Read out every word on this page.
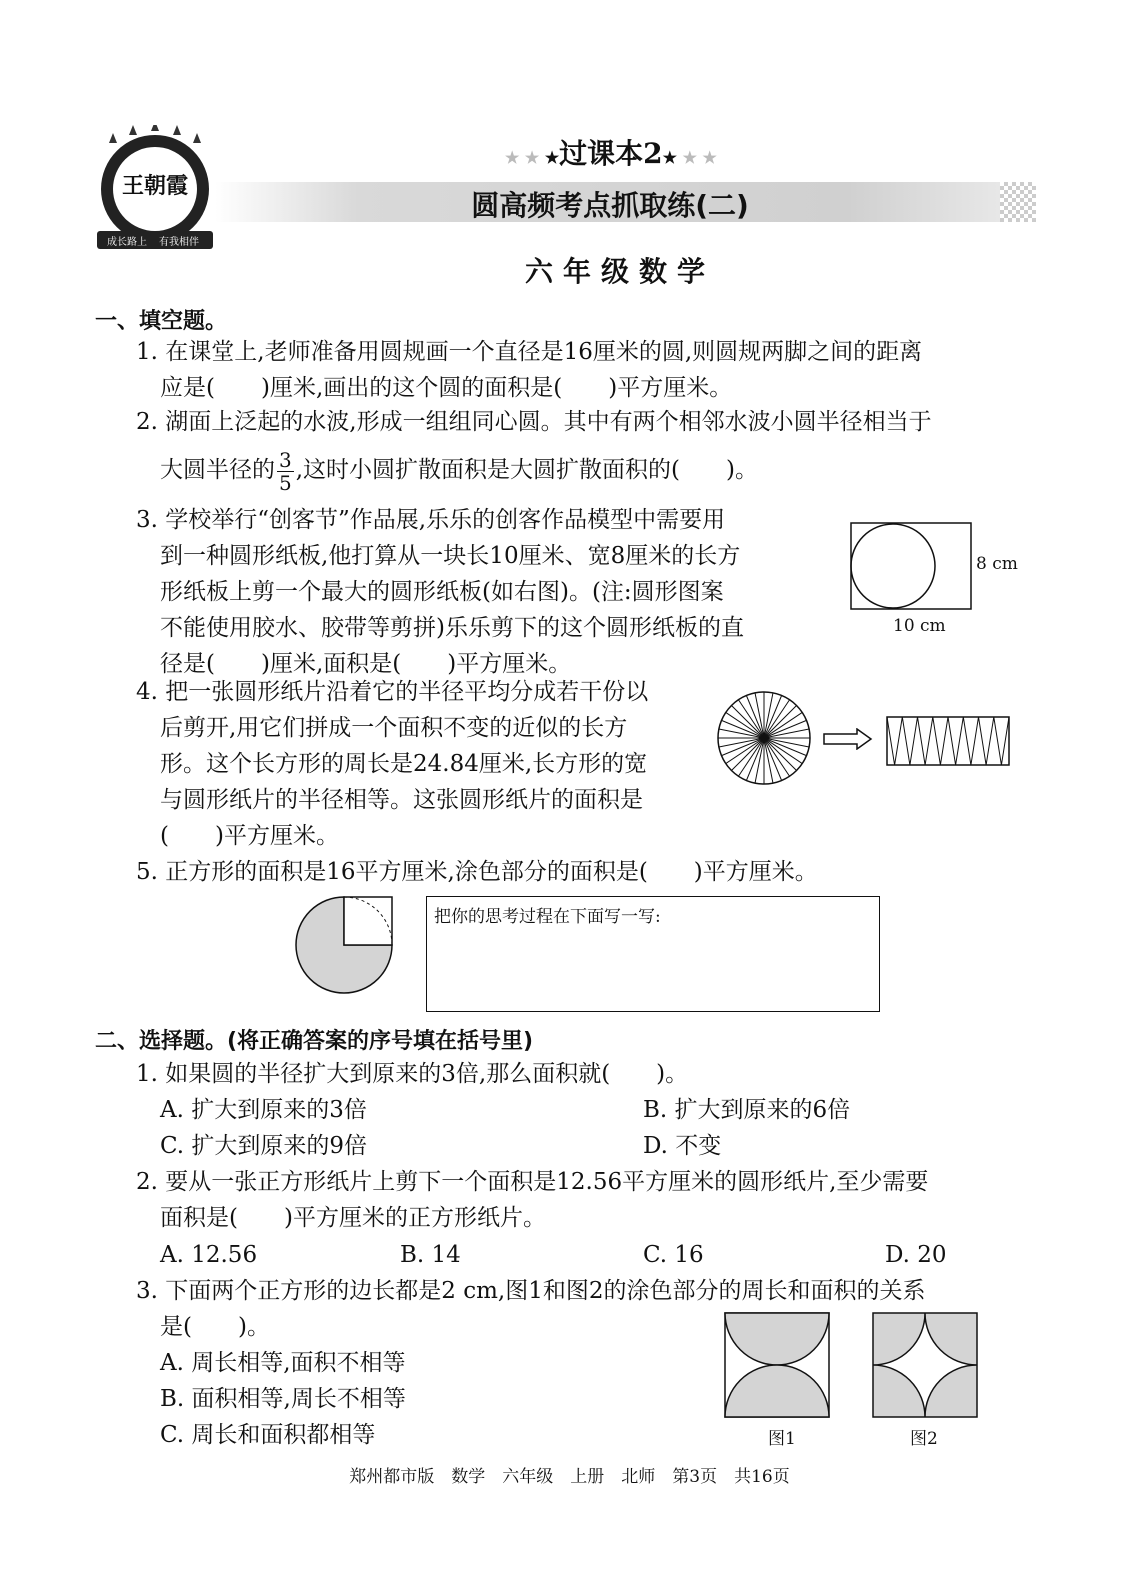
王朝霞
成长路上 有我相伴
★ ★ ★过课本2★ ★ ★
圆高频考点抓取练(二)
六年级数学
一、填空题。
1. 在课堂上,老师准备用圆规画一个直径是16厘米的圆,则圆规两脚之间的距离
应是(　　)厘米,画出的这个圆的面积是(　　)平方厘米。
2. 湖面上泛起的水波,形成一组组同心圆。其中有两个相邻水波小圆半径相当于
大圆半径的 $\frac{3}{5}$ ,这时小圆扩散面积是大圆扩散面积的(　　)。
3. 学校举行“创客节”作品展,乐乐的创客作品模型中需要用
到一种圆形纸板,他打算从一块长10厘米、宽8厘米的长方
形纸板上剪一个最大的圆形纸板(如右图)。(注:圆形图案
不能使用胶水、胶带等剪拼)乐乐剪下的这个圆形纸板的直
径是(　　)厘米,面积是(　　)平方厘米。
8 cm
10 cm
4. 把一张圆形纸片沿着它的半径平均分成若干份以
后剪开,用它们拼成一个面积不变的近似的长方
形。这个长方形的周长是24.84厘米,长方形的宽
与圆形纸片的半径相等。这张圆形纸片的面积是
(　　)平方厘米。
5. 正方形的面积是16平方厘米,涂色部分的面积是(　　)平方厘米。
把你的思考过程在下面写一写:
二、选择题。(将正确答案的序号填在括号里)
1. 如果圆的半径扩大到原来的3倍,那么面积就(　　)。
A. 扩大到原来的3倍	B. 扩大到原来的6倍
C. 扩大到原来的9倍	D. 不变
2. 要从一张正方形纸片上剪下一个面积是12.56平方厘米的圆形纸片,至少需要
面积是(　　)平方厘米的正方形纸片。
A. 12.56	B. 14	C. 16	D. 20
3. 下面两个正方形的边长都是2 cm,图1和图2的涂色部分的周长和面积的关系
是(　　)。
A. 周长相等,面积不相等
B. 面积相等,周长不相等
C. 周长和面积都相等	图1	图2
郑州都市版　数学　六年级　上册　北师　第3页　共16页
